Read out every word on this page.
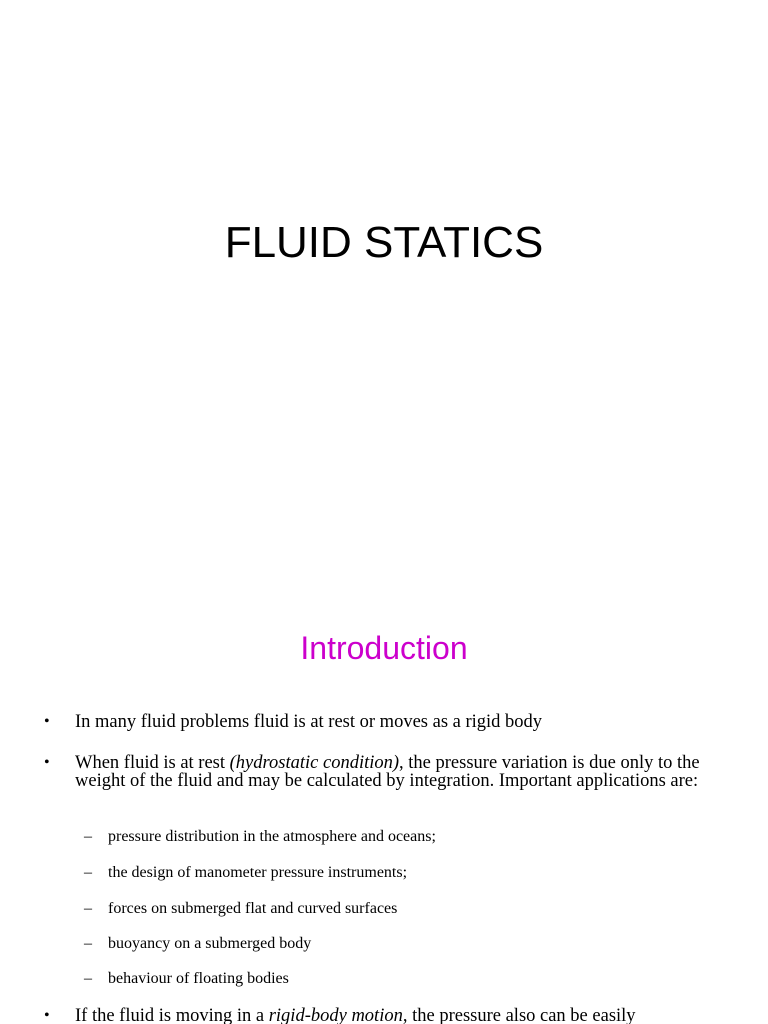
FLUID STATICS
Introduction
•	In many fluid problems fluid is at rest or moves as a rigid body
•	When fluid is at rest (hydrostatic condition), the pressure variation is due only to the weight of the fluid and may be calculated by integration. Important applications are:
– pressure distribution in the atmosphere and oceans;
– the design of manometer pressure instruments;
– forces on submerged flat and curved surfaces
– buoyancy on a submerged body
– behaviour of floating bodies
•	If the fluid is moving in a rigid-body motion, the pressure also can be easily
